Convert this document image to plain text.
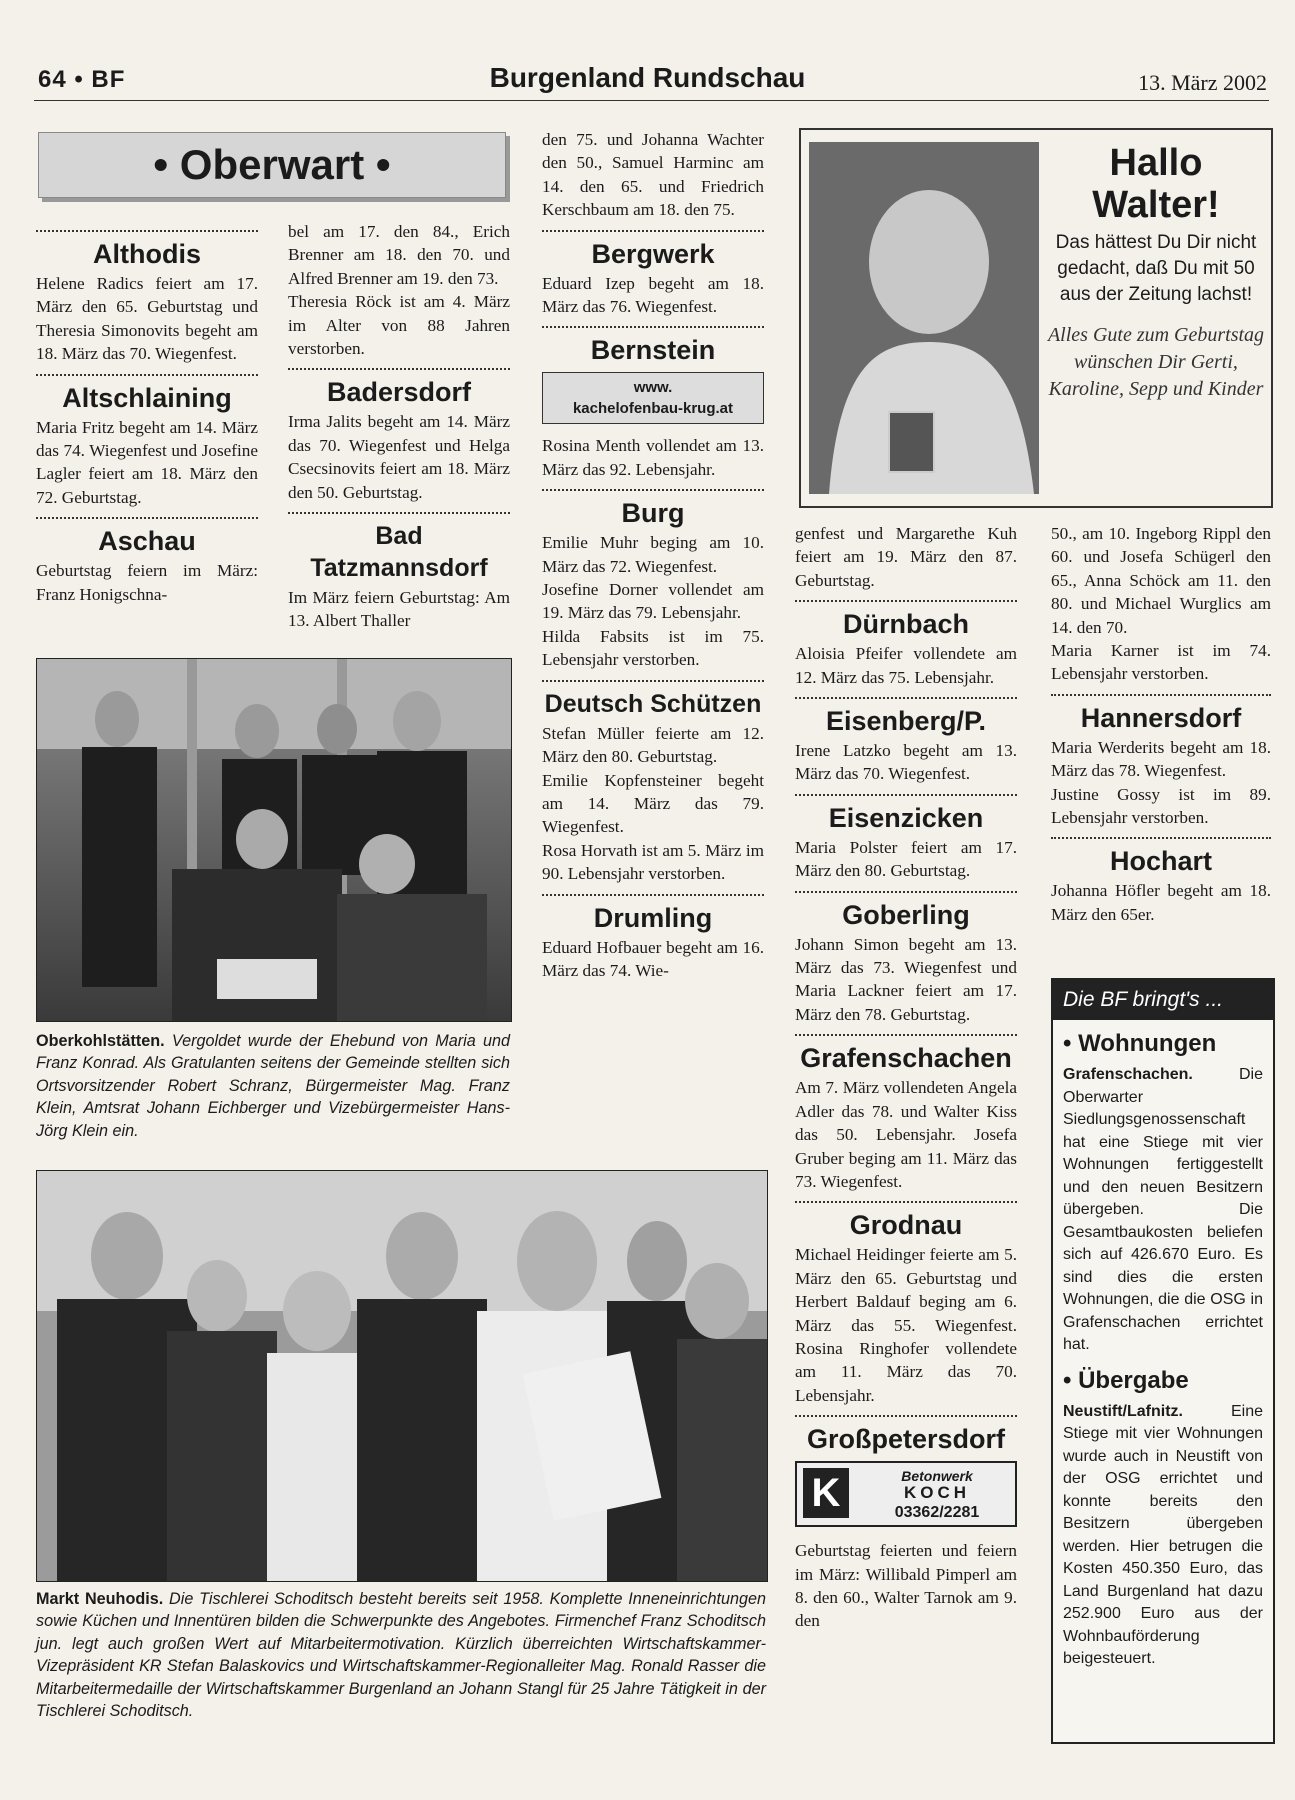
64 • BF	Burgenland Rundschau	13. März 2002
• Oberwart •
Althodis

Helene Radics feiert am 17. März den 65. Geburtstag und Theresia Simonovits begeht am 18. März das 70. Wiegenfest.

Altschlaining

Maria Fritz begeht am 14. März das 74. Wiegenfest und Josefine Lagler feiert am 18. März den 72. Geburtstag.

Aschau

Geburtstag feiern im März: Franz Honigschna-

bel am 17. den 84., Erich Brenner am 18. den 70. und Alfred Brenner am 19. den 73.

Theresia Röck ist am 4. März im Alter von 88 Jahren verstorben.

Badersdorf

Irma Jalits begeht am 14. März das 70. Wiegenfest und Helga Csecsinovits feiert am 18. März den 50. Geburtstag.

Bad Tatzmannsdorf

Im März feiern Geburtstag: Am 13. Albert Thaller

Oberkohlstätten. Vergoldet wurde der Ehebund von Maria und Franz Konrad. Als Gratulanten seitens der Gemeinde stellten sich Ortsvorsitzender Robert Schranz, Bürgermeister Mag. Franz Klein, Amtsrat Johann Eichberger und Vizebürgermeister Hans-Jörg Klein ein.

den 75. und Johanna Wachter den 50., Samuel Harminc am 14. den 65. und Friedrich Kerschbaum am 18. den 75.

Bergwerk

Eduard Izep begeht am 18. März das 76. Wiegenfest.

Bernstein
www.
kachelofenbau-krug.at

Rosina Menth vollendet am 13. März das 92. Lebensjahr.

Burg

Emilie Muhr beging am 10. März das 72. Wiegenfest.

Josefine Dorner vollendet am 19. März das 79. Lebensjahr.

Hilda Fabsits ist im 75. Lebensjahr verstorben.

Deutsch Schützen

Stefan Müller feierte am 12. März den 80. Geburtstag.

Emilie Kopfensteiner begeht am 14. März das 79. Wiegenfest.

Rosa Horvath ist am 5. März im 90. Lebensjahr verstorben.

Drumling

Eduard Hofbauer begeht am 16. März das 74. Wie-

Hallo
Walter!
Das hättest Du Dir nicht gedacht, daß Du mit 50 aus der Zeitung lachst!
Alles Gute zum Geburtstag wünschen Dir Gerti, Karoline, Sepp und Kinder

genfest und Margarethe Kuh feiert am 19. März den 87. Geburtstag.

Dürnbach

Aloisia Pfeifer vollendete am 12. März das 75. Lebensjahr.

Eisenberg/P.

Irene Latzko begeht am 13. März das 70. Wiegenfest.

Eisenzicken

Maria Polster feiert am 17. März den 80. Geburtstag.

Goberling

Johann Simon begeht am 13. März das 73. Wiegenfest und Maria Lackner feiert am 17. März den 78. Geburtstag.

Grafenschachen

Am 7. März vollendeten Angela Adler das 78. und Walter Kiss das 50. Lebensjahr. Josefa Gruber beging am 11. März das 73. Wiegenfest.

Grodnau

Michael Heidinger feierte am 5. März den 65. Geburtstag und Herbert Baldauf beging am 6. März das 55. Wiegenfest. Rosina Ringhofer vollendete am 11. März das 70. Lebensjahr.

Großpetersdorf
K	Betonwerk
KOCH
03362/2281

Geburtstag feierten und feiern im März: Willibald Pimperl am 8. den 60., Walter Tarnok am 9. den

50., am 10. Ingeborg Rippl den 60. und Josefa Schügerl den 65., Anna Schöck am 11. den 80. und Michael Wurglics am 14. den 70.

Maria Karner ist im 74. Lebensjahr verstorben.

Hannersdorf

Maria Werderits begeht am 18. März das 78. Wiegenfest.

Justine Gossy ist im 89. Lebensjahr verstorben.

Hochart

Johanna Höfler begeht am 18. März den 65er.

Die BF bringt's ...
• Wohnungen
Grafenschachen.	Die Oberwarter Siedlungsgenossenschaft hat eine Stiege mit vier Wohnungen fertiggestellt und den neuen Besitzern übergeben. Die Gesamtbaukosten beliefen sich auf 426.670 Euro. Es sind dies die ersten Wohnungen, die die OSG in Grafenschachen errichtet hat.
• Übergabe
Neustift/Lafnitz.	Eine Stiege mit vier Wohnungen wurde auch in Neustift von der OSG errichtet und konnte bereits den Besitzern übergeben werden. Hier betrugen die Kosten 450.350 Euro, das Land Burgenland hat dazu 252.900 Euro aus der Wohnbauförderung beigesteuert.
Markt Neuhodis. Die Tischlerei Schoditsch besteht bereits seit 1958. Komplette Inneneinrichtungen sowie Küchen und Innentüren bilden die Schwerpunkte des Angebotes. Firmenchef Franz Schoditsch jun. legt auch großen Wert auf Mitarbeitermotivation. Kürzlich überreichten Wirtschaftskammer-Vizepräsident KR Stefan Balaskovics und Wirtschaftskammer-Regionalleiter Mag. Ronald Rasser die Mitarbeitermedaille der Wirtschaftskammer Burgenland an Johann Stangl für 25 Jahre Tätigkeit in der Tischlerei Schoditsch.
